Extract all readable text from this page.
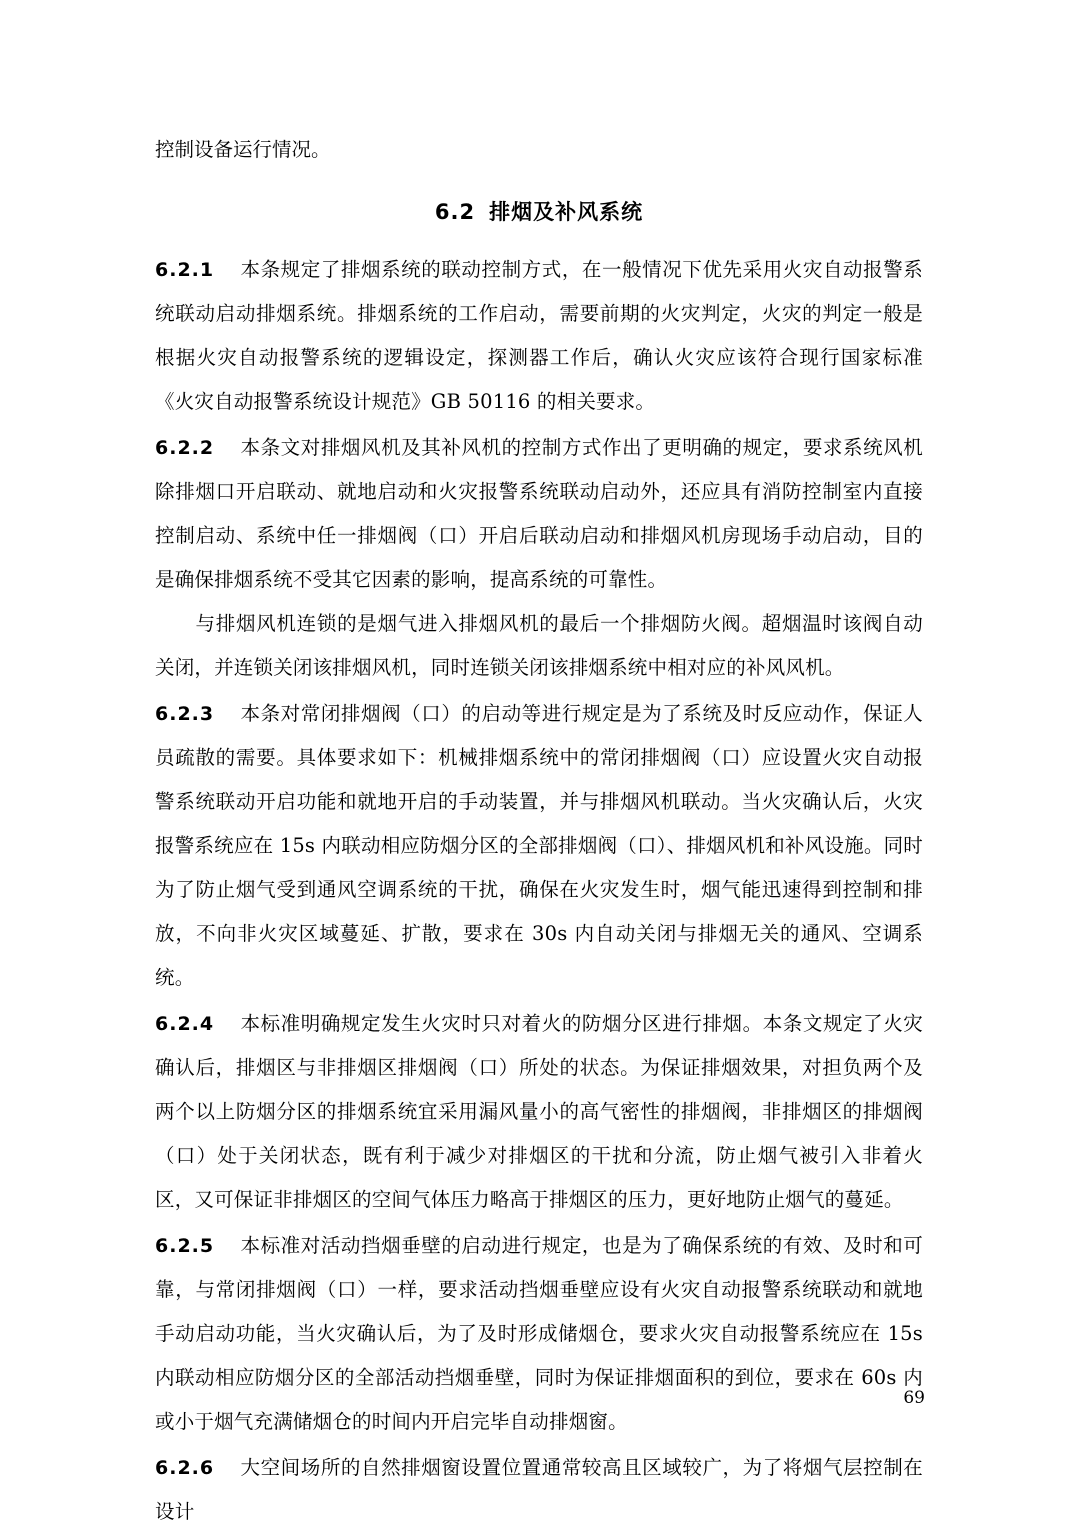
控制设备运行情况。
6.2 排烟及补风系统

6.2.1 本条规定了排烟系统的联动控制方式，在一般情况下优先采用火灾自动报警系统联动启动排烟系统。排烟系统的工作启动，需要前期的火灾判定，火灾的判定一般是根据火灾自动报警系统的逻辑设定，探测器工作后，确认火灾应该符合现行国家标准《火灾自动报警系统设计规范》GB 50116 的相关要求。

6.2.2 本条文对排烟风机及其补风机的控制方式作出了更明确的规定，要求系统风机除排烟口开启联动、就地启动和火灾报警系统联动启动外，还应具有消防控制室内直接控制启动、系统中任一排烟阀（口）开启后联动启动和排烟风机房现场手动启动，目的是确保排烟系统不受其它因素的影响，提高系统的可靠性。

与排烟风机连锁的是烟气进入排烟风机的最后一个排烟防火阀。超烟温时该阀自动关闭，并连锁关闭该排烟风机，同时连锁关闭该排烟系统中相对应的补风风机。

6.2.3 本条对常闭排烟阀（口）的启动等进行规定是为了系统及时反应动作，保证人员疏散的需要。具体要求如下：机械排烟系统中的常闭排烟阀（口）应设置火灾自动报警系统联动开启功能和就地开启的手动装置，并与排烟风机联动。当火灾确认后，火灾报警系统应在 15s 内联动相应防烟分区的全部排烟阀（口）、排烟风机和补风设施。同时为了防止烟气受到通风空调系统的干扰，确保在火灾发生时，烟气能迅速得到控制和排放，不向非火灾区域蔓延、扩散，要求在 30s 内自动关闭与排烟无关的通风、空调系统。

6.2.4 本标准明确规定发生火灾时只对着火的防烟分区进行排烟。本条文规定了火灾确认后，排烟区与非排烟区排烟阀（口）所处的状态。为保证排烟效果，对担负两个及两个以上防烟分区的排烟系统宜采用漏风量小的高气密性的排烟阀，非排烟区的排烟阀（口）处于关闭状态，既有利于减少对排烟区的干扰和分流，防止烟气被引入非着火区，又可保证非排烟区的空间气体压力略高于排烟区的压力，更好地防止烟气的蔓延。

6.2.5 本标准对活动挡烟垂壁的启动进行规定，也是为了确保系统的有效、及时和可靠，与常闭排烟阀（口）一样，要求活动挡烟垂壁应设有火灾自动报警系统联动和就地手动启动功能，当火灾确认后，为了及时形成储烟仓，要求火灾自动报警系统应在 15s 内联动相应防烟分区的全部活动挡烟垂壁，同时为保证排烟面积的到位，要求在 60s 内或小于烟气充满储烟仓的时间内开启完毕自动排烟窗。

6.2.6 大空间场所的自然排烟窗设置位置通常较高且区域较广，为了将烟气层控制在设计

69
